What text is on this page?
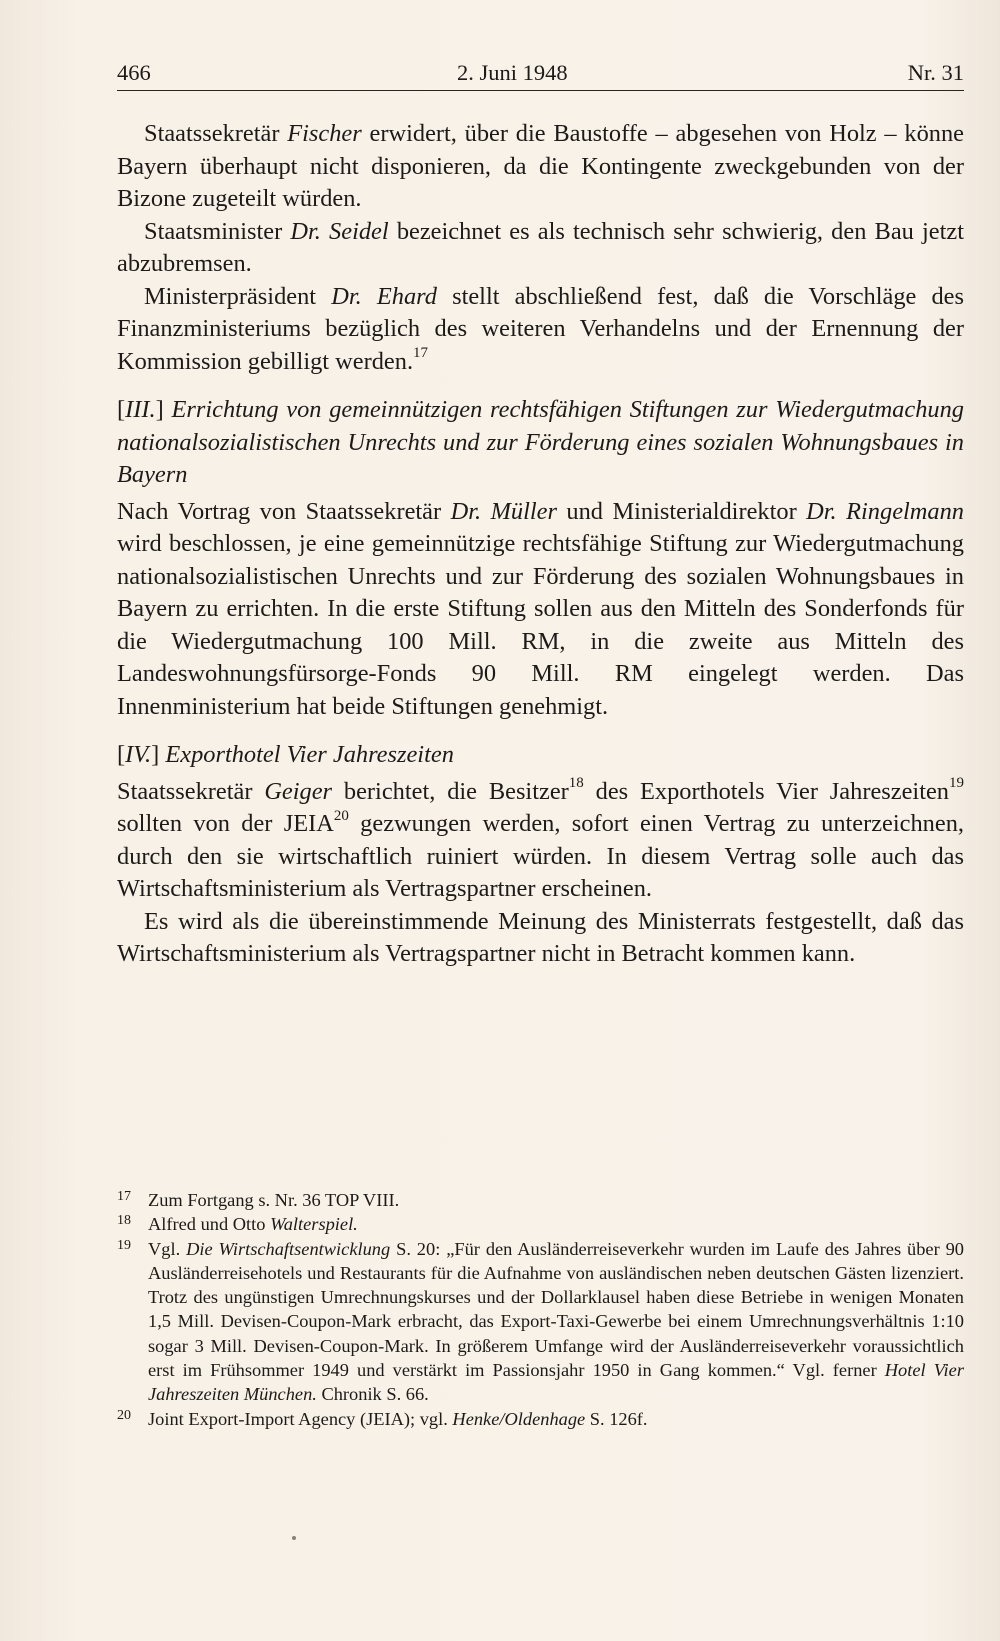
466	2. Juni 1948	Nr. 31

Staatssekretär Fischer erwidert, über die Baustoffe – abgesehen von Holz – könne Bayern überhaupt nicht disponieren, da die Kontingente zweckgebunden von der Bizone zugeteilt würden.

Staatsminister Dr. Seidel bezeichnet es als technisch sehr schwierig, den Bau jetzt abzubremsen.

Ministerpräsident Dr. Ehard stellt abschließend fest, daß die Vorschläge des Finanzministeriums bezüglich des weiteren Verhandelns und der Ernennung der Kommission gebilligt werden.$^{17}$

[III.] Errichtung von gemeinnützigen rechtsfähigen Stiftungen zur Wiedergutmachung nationalsozialistischen Unrechts und zur Förderung eines sozialen Wohnungsbaues in Bayern

Nach Vortrag von Staatssekretär Dr. Müller und Ministerialdirektor Dr. Ringelmann wird beschlossen, je eine gemeinnützige rechtsfähige Stiftung zur Wiedergutmachung nationalsozialistischen Unrechts und zur Förderung des sozialen Wohnungsbaues in Bayern zu errichten. In die erste Stiftung sollen aus den Mitteln des Sonderfonds für die Wiedergutmachung 100 Mill. RM, in die zweite aus Mitteln des Landeswohnungsfürsorge-Fonds 90 Mill. RM eingelegt werden. Das Innenministerium hat beide Stiftungen genehmigt.

[IV.] Exporthotel Vier Jahreszeiten

Staatssekretär Geiger berichtet, die Besitzer$^{18}$ des Exporthotels Vier Jahreszeiten$^{19}$ sollten von der JEIA$^{20}$ gezwungen werden, sofort einen Vertrag zu unterzeichnen, durch den sie wirtschaftlich ruiniert würden. In diesem Vertrag solle auch das Wirtschaftsministerium als Vertragspartner erscheinen.

Es wird als die übereinstimmende Meinung des Ministerrats festgestellt, daß das Wirtschaftsministerium als Vertragspartner nicht in Betracht kommen kann.

17 Zum Fortgang s. Nr. 36 TOP VIII.
18 Alfred und Otto Walterspiel.
19 Vgl. Die Wirtschaftsentwicklung S. 20: „Für den Ausländerreiseverkehr wurden im Laufe des Jahres über 90 Ausländerreisehotels und Restaurants für die Aufnahme von ausländischen neben deutschen Gästen lizenziert. Trotz des ungünstigen Umrechnungskurses und der Dollarklausel haben diese Betriebe in wenigen Monaten 1,5 Mill. Devisen-Coupon-Mark erbracht, das Export-Taxi-Gewerbe bei einem Umrechnungsverhältnis 1:10 sogar 3 Mill. Devisen-Coupon-Mark. In größerem Umfange wird der Ausländerreiseverkehr voraussichtlich erst im Frühsommer 1949 und verstärkt im Passionsjahr 1950 in Gang kommen.“ Vgl. ferner Hotel Vier Jahreszeiten München. Chronik S. 66.
20 Joint Export-Import Agency (JEIA); vgl. Henke/Oldenhage S. 126f.
